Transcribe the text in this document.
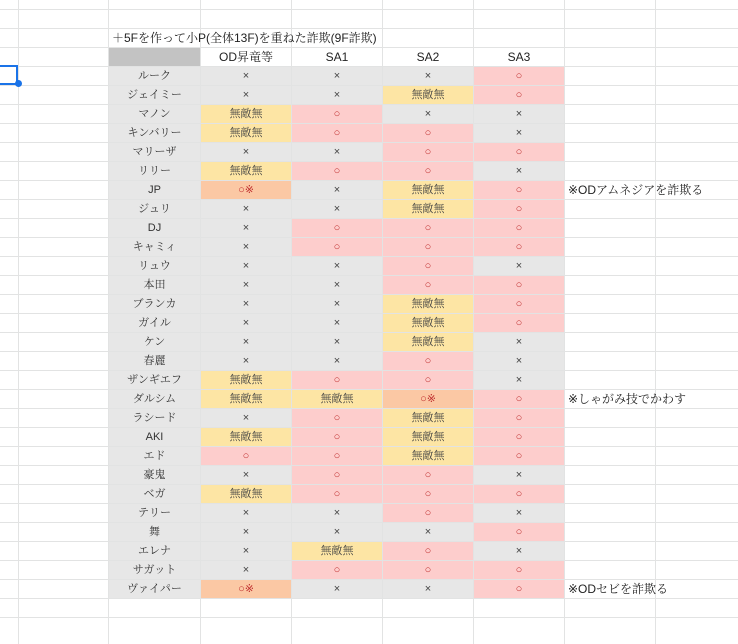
＋5Fを作って小P(全体13F)を重ねた詐欺(9F詐欺)
OD昇竜等	SA1	SA2	SA3
ルーク	×	×	×	○
ジェイミー	×	×	無敵無	○
マノン	無敵無	○	×	×
キンバリー	無敵無	○	○	×
マリーザ	×	×	○	○
リリー	無敵無	○	○	×
JP	○※	×	無敵無	○	※ODアムネジアを詐欺る
ジュリ	×	×	無敵無	○
DJ	×	○	○	○
キャミィ	×	○	○	○
リュウ	×	×	○	×
本田	×	×	○	○
ブランカ	×	×	無敵無	○
ガイル	×	×	無敵無	○
ケン	×	×	無敵無	×
春麗	×	×	○	×
ザンギエフ	無敵無	○	○	×
ダルシム	無敵無	無敵無	○※	○	※しゃがみ技でかわす
ラシード	×	○	無敵無	○
AKI	無敵無	○	無敵無	○
エド	○	○	無敵無	○
豪鬼	×	○	○	×
ベガ	無敵無	○	○	○
テリー	×	×	○	×
舞	×	×	×	○
エレナ	×	無敵無	○	×
サガット	×	○	○	○
ヴァイパー	○※	×	×	○	※ODセビを詐欺る
